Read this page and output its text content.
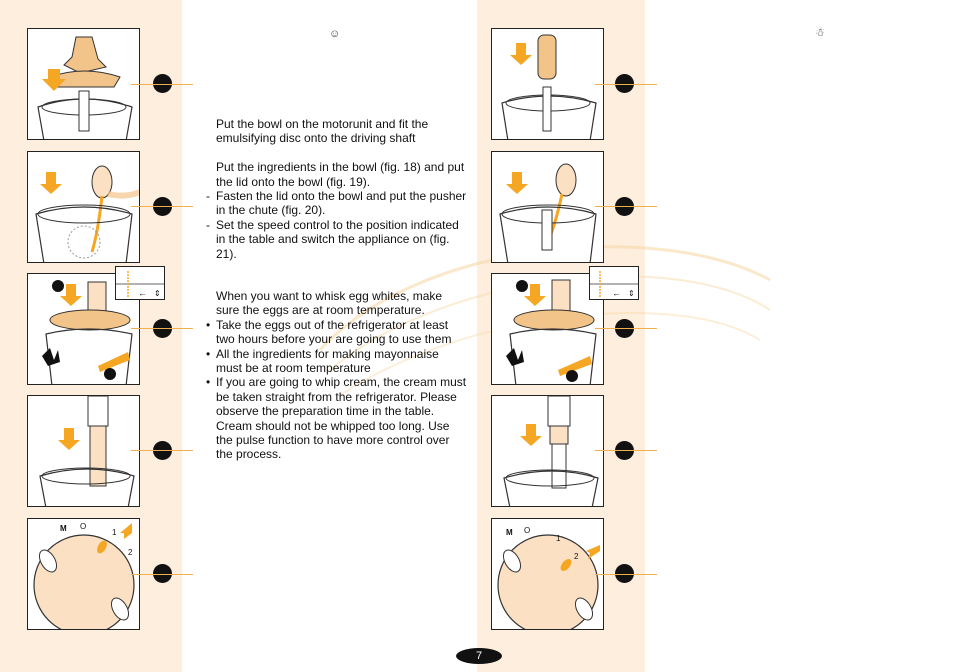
☺	☃
← ⇕
M O
1
2
← ⇕
M O
1
2

Put the bowl on the motorunit and fit the emulsifying disc onto the driving shaft

Put the ingredients in the bowl (fig. 18) and put the lid onto the bowl (fig. 19).

- Fasten the lid onto the bowl and put the pusher in the chute (fig. 20).
- Set the speed control to the position indicated in the table and switch the appliance on (fig. 21).

When you want to whisk egg whites, make sure the eggs are at room temperature.

• Take the eggs out of the refrigerator at least two hours before your are going to use them
• All the ingredients for making mayonnaise must be at room temperature
• If you are going to whip cream, the cream must be taken straight from the refrigerator. Please observe the preparation time in the table. Cream should not be whipped too long. Use the pulse function to have more control over the process.
7
